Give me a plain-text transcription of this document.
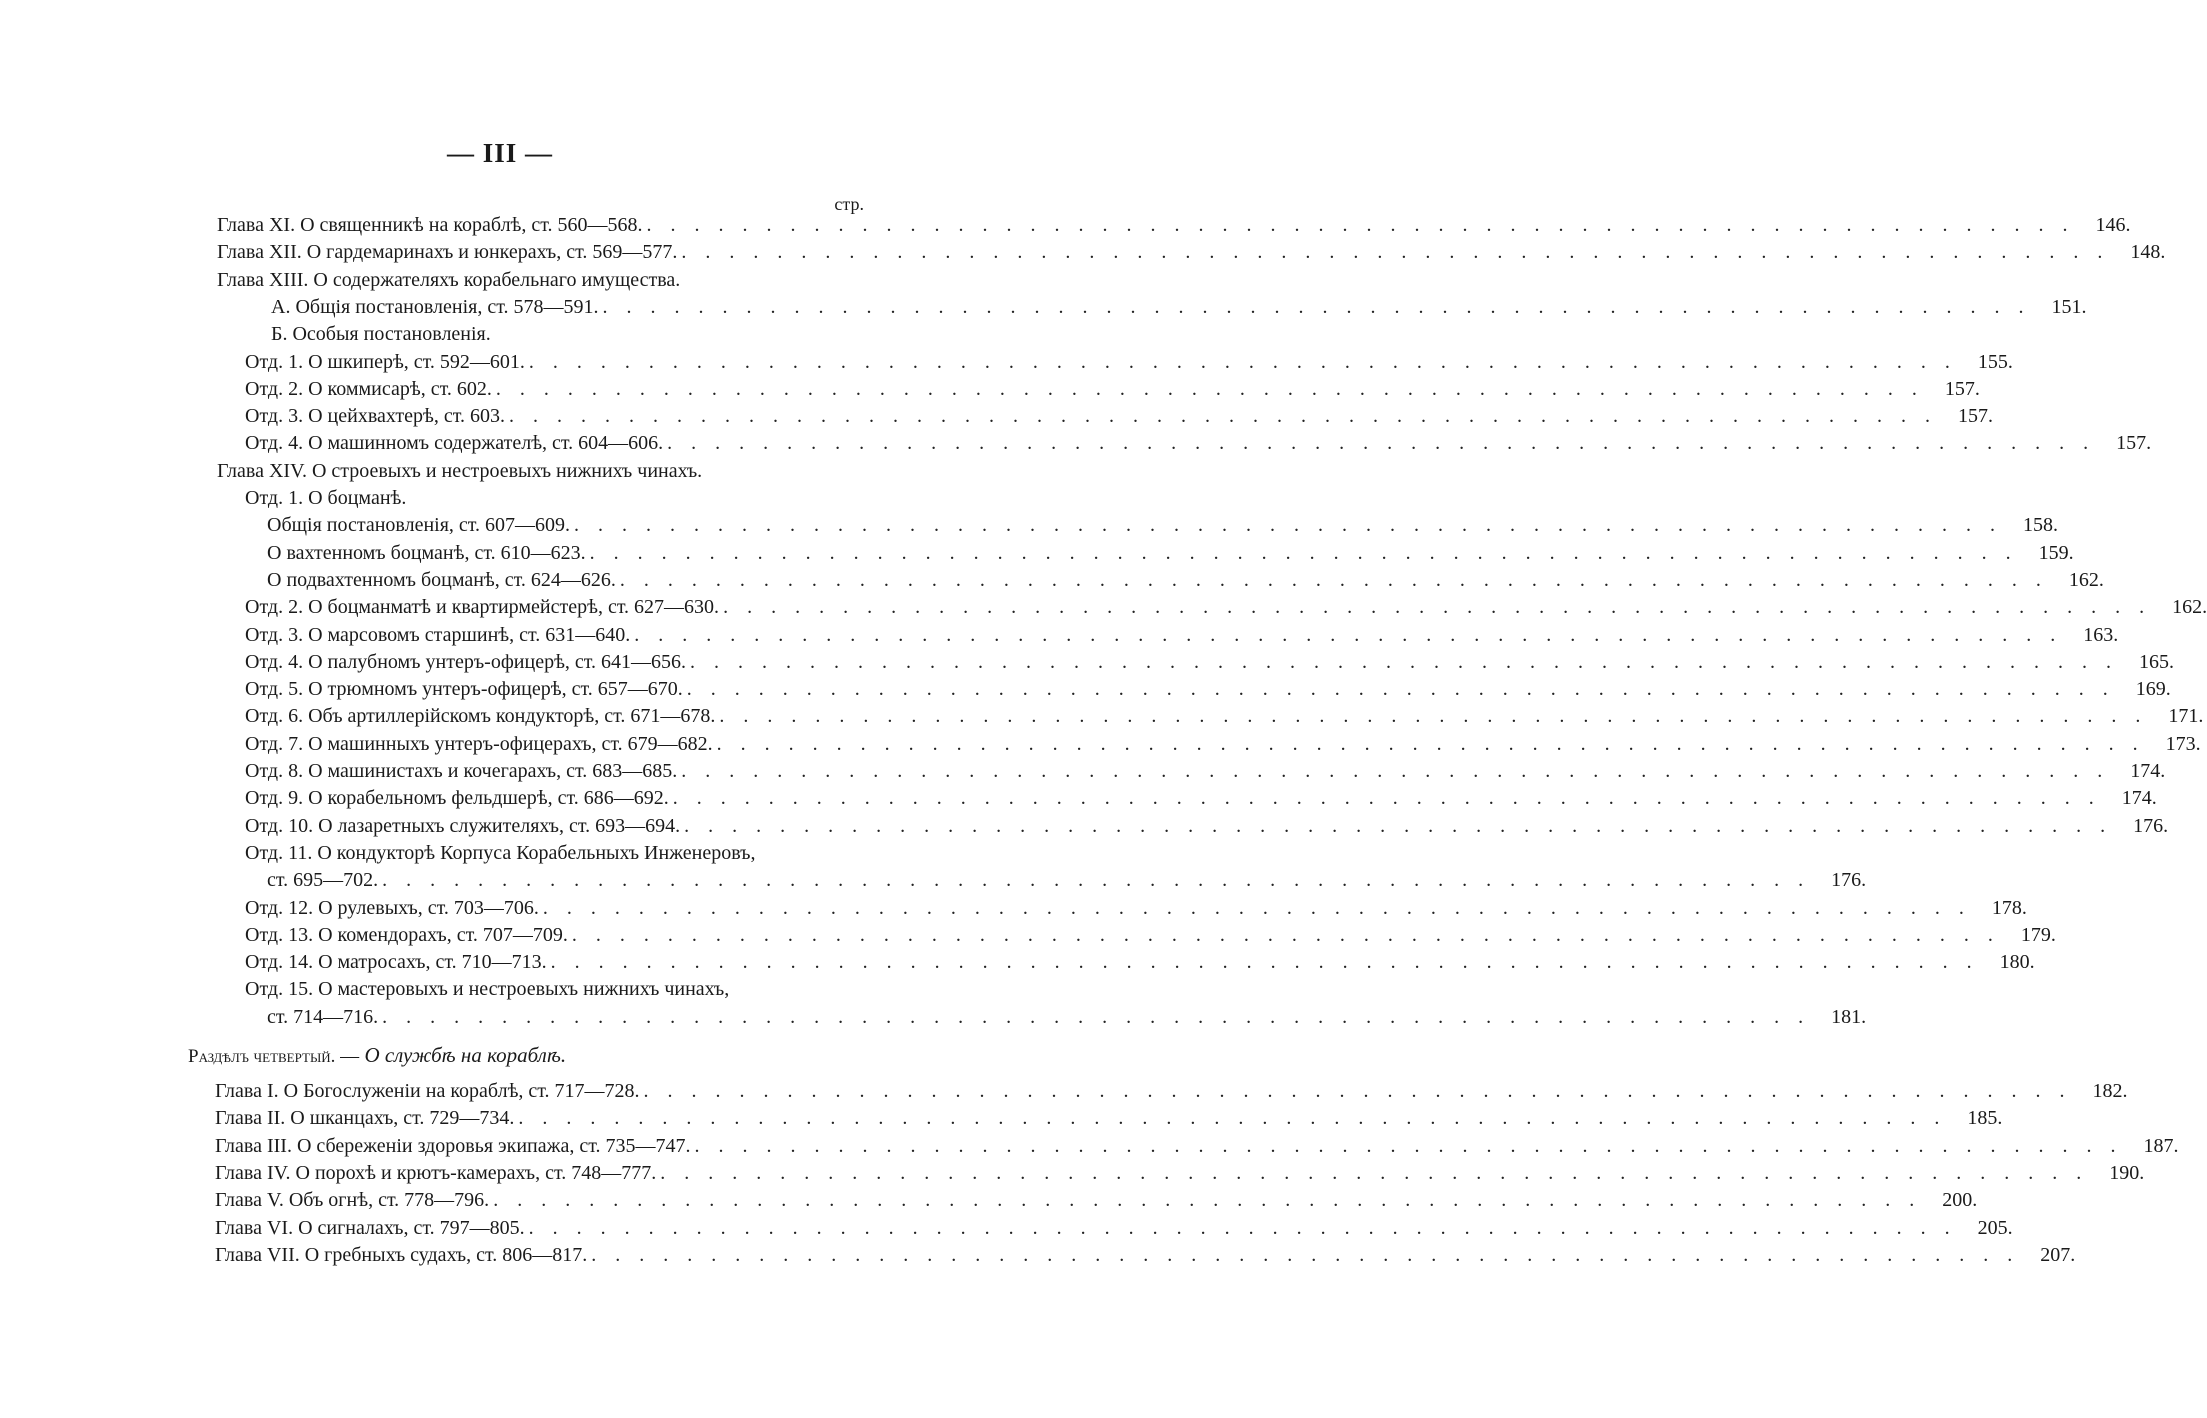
— III —
стр.
Глава XI. О священникѣ на кораблѣ, ст. 560—568. . . . . . . . . . . . . . . . . . . . . . . . . . . . . . . . . . . . . . . . . . . . . . . . . . . . . . . . . . . . .	146.
Глава XII. О гардемаринахъ и юнкерахъ, ст. 569—577. . . . . . . . . . . . . . . . . . . . . . . . . . . . . . . . . . . . . . . . . . . . . . . . . . . . . . . . . . . . .	148.
Глава XIII. О содержателяхъ корабельнаго имущества.
А. Общія постановленія, ст. 578—591. . . . . . . . . . . . . . . . . . . . . . . . . . . . . . . . . . . . . . . . . . . . . . . . . . . . . . . . . . . . .	151.
Б. Особыя постановленія.
Отд. 1. О шкиперѣ, ст. 592—601. . . . . . . . . . . . . . . . . . . . . . . . . . . . . . . . . . . . . . . . . . . . . . . . . . . . . . . . . . . . .	155.
Отд. 2. О коммисарѣ, ст. 602. . . . . . . . . . . . . . . . . . . . . . . . . . . . . . . . . . . . . . . . . . . . . . . . . . . . . . . . . . . . .	157.
Отд. 3. О цейхвахтерѣ, ст. 603. . . . . . . . . . . . . . . . . . . . . . . . . . . . . . . . . . . . . . . . . . . . . . . . . . . . . . . . . . . . .	157.
Отд. 4. О машинномъ содержателѣ, ст. 604—606. . . . . . . . . . . . . . . . . . . . . . . . . . . . . . . . . . . . . . . . . . . . . . . . . . . . . . . . . . . . .	157.
Глава XIV. О строевыхъ и нестроевыхъ нижнихъ чинахъ.
Отд. 1. О боцманѣ.
Общія постановленія, ст. 607—609. . . . . . . . . . . . . . . . . . . . . . . . . . . . . . . . . . . . . . . . . . . . . . . . . . . . . . . . . . . . .	158.
О вахтенномъ боцманѣ, ст. 610—623. . . . . . . . . . . . . . . . . . . . . . . . . . . . . . . . . . . . . . . . . . . . . . . . . . . . . . . . . . . . .	159.
О подвахтенномъ боцманѣ, ст. 624—626. . . . . . . . . . . . . . . . . . . . . . . . . . . . . . . . . . . . . . . . . . . . . . . . . . . . . . . . . . . . .	162.
Отд. 2. О боцманматѣ и квартирмейстерѣ, ст. 627—630. . . . . . . . . . . . . . . . . . . . . . . . . . . . . . . . . . . . . . . . . . . . . . . . . . . . . . . . . . . . .	162.
Отд. 3. О марсовомъ старшинѣ, ст. 631—640. . . . . . . . . . . . . . . . . . . . . . . . . . . . . . . . . . . . . . . . . . . . . . . . . . . . . . . . . . . . .	163.
Отд. 4. О палубномъ унтеръ-офицерѣ, ст. 641—656. . . . . . . . . . . . . . . . . . . . . . . . . . . . . . . . . . . . . . . . . . . . . . . . . . . . . . . . . . . . .	165.
Отд. 5. О трюмномъ унтеръ-офицерѣ, ст. 657—670. . . . . . . . . . . . . . . . . . . . . . . . . . . . . . . . . . . . . . . . . . . . . . . . . . . . . . . . . . . . .	169.
Отд. 6. Объ артиллерійскомъ кондукторѣ, ст. 671—678. . . . . . . . . . . . . . . . . . . . . . . . . . . . . . . . . . . . . . . . . . . . . . . . . . . . . . . . . . . . .	171.
Отд. 7. О машинныхъ унтеръ-офицерахъ, ст. 679—682. . . . . . . . . . . . . . . . . . . . . . . . . . . . . . . . . . . . . . . . . . . . . . . . . . . . . . . . . . . . .	173.
Отд. 8. О машинистахъ и кочегарахъ, ст. 683—685. . . . . . . . . . . . . . . . . . . . . . . . . . . . . . . . . . . . . . . . . . . . . . . . . . . . . . . . . . . . .	174.
Отд. 9. О корабельномъ фельдшерѣ, ст. 686—692. . . . . . . . . . . . . . . . . . . . . . . . . . . . . . . . . . . . . . . . . . . . . . . . . . . . . . . . . . . . .	174.
Отд. 10. О лазаретныхъ служителяхъ, ст. 693—694. . . . . . . . . . . . . . . . . . . . . . . . . . . . . . . . . . . . . . . . . . . . . . . . . . . . . . . . . . . . .	176.
Отд. 11. О кондукторѣ Корпуса Корабельныхъ Инженеровъ,
ст. 695—702. . . . . . . . . . . . . . . . . . . . . . . . . . . . . . . . . . . . . . . . . . . . . . . . . . . . . . . . . . . . .	176.
Отд. 12. О рулевыхъ, ст. 703—706. . . . . . . . . . . . . . . . . . . . . . . . . . . . . . . . . . . . . . . . . . . . . . . . . . . . . . . . . . . . .	178.
Отд. 13. О комендорахъ, ст. 707—709. . . . . . . . . . . . . . . . . . . . . . . . . . . . . . . . . . . . . . . . . . . . . . . . . . . . . . . . . . . . .	179.
Отд. 14. О матросахъ, ст. 710—713. . . . . . . . . . . . . . . . . . . . . . . . . . . . . . . . . . . . . . . . . . . . . . . . . . . . . . . . . . . . .	180.
Отд. 15. О мастеровыхъ и нестроевыхъ нижнихъ чинахъ,
ст. 714—716. . . . . . . . . . . . . . . . . . . . . . . . . . . . . . . . . . . . . . . . . . . . . . . . . . . . . . . . . . . . .	181.
Раздѣлъ четвертый. — О службѣ на кораблѣ.
Глава I. О Богослуженіи на кораблѣ, ст. 717—728. . . . . . . . . . . . . . . . . . . . . . . . . . . . . . . . . . . . . . . . . . . . . . . . . . . . . . . . . . . . .	182.
Глава II. О шканцахъ, ст. 729—734. . . . . . . . . . . . . . . . . . . . . . . . . . . . . . . . . . . . . . . . . . . . . . . . . . . . . . . . . . . . .	185.
Глава III. О сбереженіи здоровья экипажа, ст. 735—747. . . . . . . . . . . . . . . . . . . . . . . . . . . . . . . . . . . . . . . . . . . . . . . . . . . . . . . . . . . . .	187.
Глава IV. О порохѣ и крютъ-камерахъ, ст. 748—777. . . . . . . . . . . . . . . . . . . . . . . . . . . . . . . . . . . . . . . . . . . . . . . . . . . . . . . . . . . . .	190.
Глава V. Объ огнѣ, ст. 778—796. . . . . . . . . . . . . . . . . . . . . . . . . . . . . . . . . . . . . . . . . . . . . . . . . . . . . . . . . . . . .	200.
Глава VI. О сигналахъ, ст. 797—805. . . . . . . . . . . . . . . . . . . . . . . . . . . . . . . . . . . . . . . . . . . . . . . . . . . . . . . . . . . . .	205.
Глава VII. О гребныхъ судахъ, ст. 806—817. . . . . . . . . . . . . . . . . . . . . . . . . . . . . . . . . . . . . . . . . . . . . . . . . . . . . . . . . . . . .	207.
